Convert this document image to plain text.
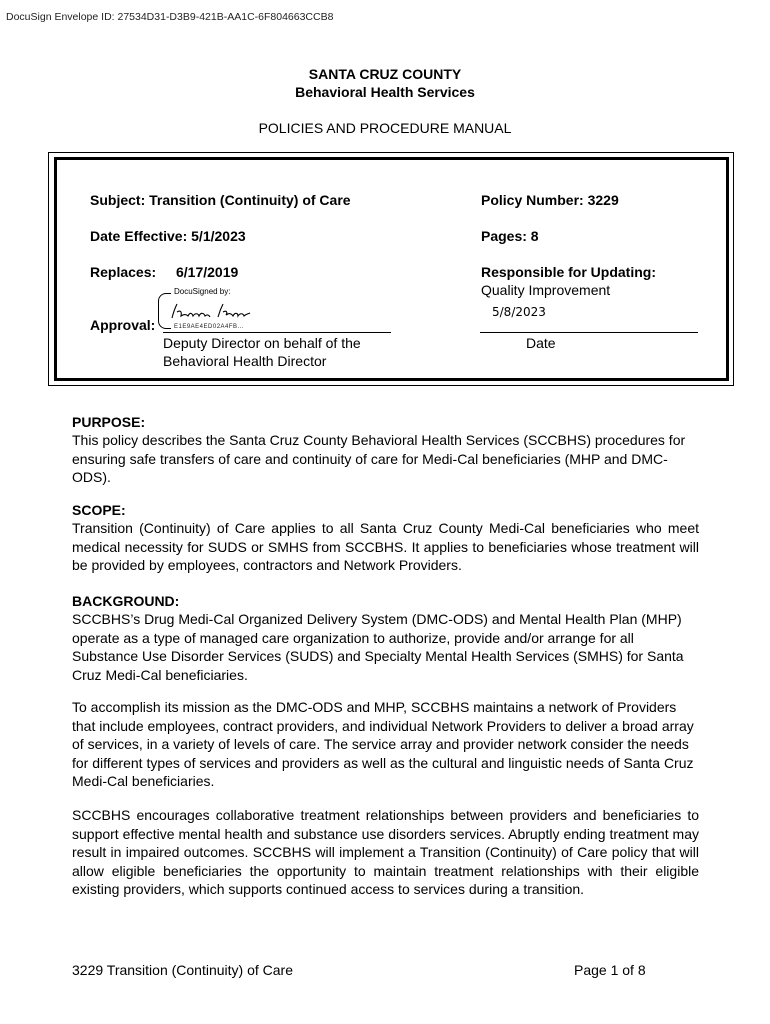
DocuSign Envelope ID: 27534D31-D3B9-421B-AA1C-6F804663CCB8
SANTA CRUZ COUNTY
Behavioral Health Services
POLICIES AND PROCEDURE MANUAL
Subject: Transition (Continuity) of Care	Policy Number: 3229
Date Effective: 5/1/2023	Pages: 8
Replaces: 6/17/2019	Responsible for Updating:
Quality Improvement
Approval:
DocuSigned by:
E1E9AE4ED02A4FB...
Deputy Director on behalf of the
Behavioral Health Director
5/8/2023
Date
PURPOSE:
This policy describes the Santa Cruz County Behavioral Health Services (SCCBHS) procedures for ensuring safe transfers of care and continuity of care for Medi-Cal beneficiaries (MHP and DMC-ODS).
SCOPE:
Transition (Continuity) of Care applies to all Santa Cruz County Medi-Cal beneficiaries who meet medical necessity for SUDS or SMHS from SCCBHS. It applies to beneficiaries whose treatment will be provided by employees, contractors and Network Providers.
BACKGROUND:
SCCBHS’s Drug Medi-Cal Organized Delivery System (DMC-ODS) and Mental Health Plan (MHP) operate as a type of managed care organization to authorize, provide and/or arrange for all Substance Use Disorder Services (SUDS) and Specialty Mental Health Services (SMHS) for Santa Cruz Medi-Cal beneficiaries.
To accomplish its mission as the DMC-ODS and MHP, SCCBHS maintains a network of Providers that include employees, contract providers, and individual Network Providers to deliver a broad array of services, in a variety of levels of care. The service array and provider network consider the needs for different types of services and providers as well as the cultural and linguistic needs of Santa Cruz Medi-Cal beneficiaries.
SCCBHS encourages collaborative treatment relationships between providers and beneficiaries to support effective mental health and substance use disorders services. Abruptly ending treatment may result in impaired outcomes. SCCBHS will implement a Transition (Continuity) of Care policy that will allow eligible beneficiaries the opportunity to maintain treatment relationships with their eligible existing providers, which supports continued access to services during a transition.
3229 Transition (Continuity) of Care	Page 1 of 8
